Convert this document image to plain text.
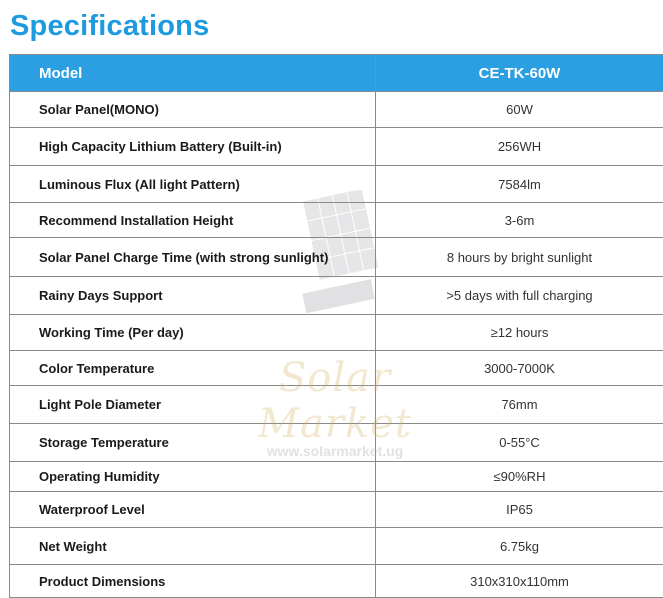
Specifications
Model	CE-TK-60W
Solar Panel(MONO)	60W
High Capacity Lithium Battery (Built-in)	256WH
Luminous Flux (All light Pattern)	7584lm
Recommend Installation Height	3-6m
Solar Panel Charge Time (with strong sunlight)	8 hours by bright sunlight
Rainy Days Support	>5 days with full charging
Working Time (Per day)	≥12 hours
Color Temperature	3000-7000K
Light Pole Diameter	76mm
Storage Temperature	0-55°C
Operating Humidity	≤90%RH
Waterproof Level	IP65
Net Weight	6.75kg
Product Dimensions	310x310x110mm
Solar Market
www.solarmarket.ug
